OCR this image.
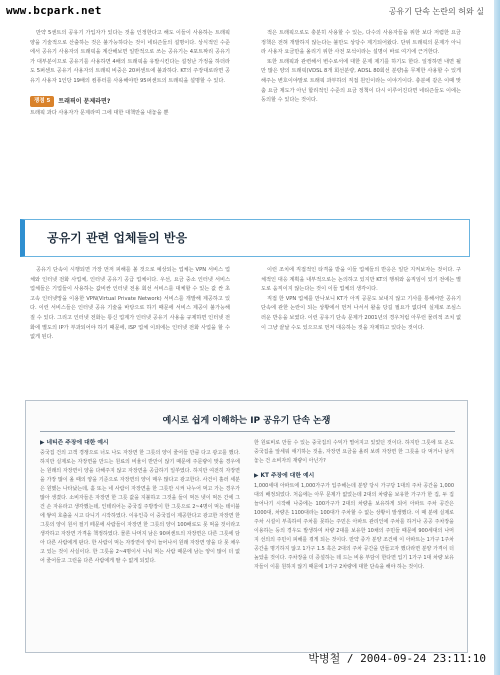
www.bcpark.net	공유기 단속 논란의 허와 실

만약 5센트의 공유기 가입자가 있다는 것을 인정한다고 해도 이들이 사용하는 트래픽 양을 기술적으로 산출하는 것은 불가능하다는 것이 네티즌들의 설명이다. 상식적인 수준에서 공유기 사용자의 트래픽을 계산해보면 일반적으로 쓰는 공유기는 4포트짜리 공유기가 대부분이므로 공유기를 사용하면 4배의 트래픽을 유발시킨다는 설정난 가정을 하더라도 5퍼센트 공유기 사용자의 트래픽 비중은 20퍼센트에 불과하다. KT의 주장대로라면 공유기 사용자 1인당 19배의 컴퓨터를 사용해야만 95퍼센트의 트래픽을 설명할 수 있다.

쟁점 5	트래픽이 문제라면?
트래픽 과다 사용자가 문제라며 그에 대한 대책만을 내놓을 뿐

적은 트래픽으로도 충분히 사용할 수 있는, 다수의 사용자들을 위한 보다 저렴한 요금 정책은 전혀 개발하지 않는다는 불만도 상당수 제기되어왔다. 단위 트래픽의 문제가 아니라 사용자 요금만을 올리기 위한 사전 포석이라는 설명이 바로 여기에 근거한다.

또한 트래픽과 관련해서 변수로서에 대한 문제 제기를 하기도 한다. 일정하면 내면 될만 많은 양의 트래픽(VDSL 8개 회선분량, ADSL 80회선 분량)을 무제한 사용할 수 있게 해주는 변호이야말로 트래픽 과부하의 직접 원인이라는 이야기이다. 충분에 같은 이때 맞춤 요금 제도가 아닌 합리적인 수준의 요금 정책이 다시 이루어진다면 네티즌들도 이에는 동의할 수 있다는 것이다.

공유기 관련 업체들의 반응

공유기 단속이 시행되면 가장 먼저 피해를 볼 것으로 예상되는 업체는 VPN 서비스 업체와 인터넷 전화 사업체, 인터넷 공유기 공급 업체이다. 우선, 요금 중소 인터넷 서비스 업체들은 기업들이 사용하는 값비싼 인터넷 전용 회선 서비스를 대체할 수 있는 값 싼 초고속 인터넷망을 이용한 VPN(Virtual Private Network) 서비스를 개발해 제공하고 있다. 이런 서비스들은 인터넷 공유 기술을 바탕으로 하기 때문에 서비스 제공이 불가능해질 수 있다. 그리고 인터넷 전화는 통신 업계가 인터넷 공유기 사용을 규제하면 인터넷 전화에 별도의 IP가 부과되어야 하기 때문에, ISP 업체 이외에는 인터넷 전화 사업을 할 수 없게 된다.

이런 조치에 직접적인 타격을 받을 이들 업체들의 반응은 일단 지켜보자는 것이다. 구체적인 대응 계획을 내부적으로는 논의하고 있지만 KT의 행위와 움직임이 있기 전에는 별도로 움직이지 않는다는 것이 이들 업체의 생각이다.

직접 한 VPN 업체를 만나보니 KT가 아직 공문도 보내지 않고 기사를 통해서만 공유기 단속에 관한 논란이 되는 상황에서 먼저 나서서 왈을 당길 필요가 없다며 실제로 조심스러운 반응을 보였다. 이런 공유기 단속 문제가 2001년의 경우처럼 아무런 물리적 조치 없이 그냥 끝날 수도 있으므로 먼저 대응하는 것을 자제하고 있다는 것이다.

예시로 쉽게 이해하는 IP 공유기 단속 논쟁
▶ 네티즌 주장에 대한 예시

중국집 건의 고객 경쟁으로 너도 나도 자장면 한 그릇의 양이 줄어들 만큼 다고 광고를 했다. 하지만 실제로는 자장면을 만드는 원료의 비율이 반만이 않기 때문에 주문량이 맞을 경우에는 원래의 자장면이 양을 다해주지 않고 자장면을 공급하기 일쑤였다. 하지만 여전히 자장면을 가장 많이 올 때의 양을 기준으로 자장면의 양이 매우 많다고 광고한다. 사건이 흘러 세분은 원했는 나타났는데, 홀 또는 네 사람이 자장면을 한 그릇만 시켜 나누어 먹고 가는 경우가 많아 생겼다. 소비자들은 자장면 한 그릇 값을 지불하고 그것을 들이 먹든 넷이 먹든 간에 그건 손 자유라고 생각했는데, 인테리어는 중국집 주방장이 한 그릇으로 2~4명이 먹는 테이블에 쌓여 호출을 시고 다니기 시작하였다. 이유인즉 이 중국집이 제공한다고 광고한 자장면 한 그릇의 양이 원서 절기 떼문에 사람들이 자장면 한 그릇의 양이 100배로도 못 먹을 것이라고 생각하고 자장면 가격을 책정하였다. 물론 나머지 남은 90퍼센트의 자장면은 다른 그릇에 담아 다른 사람에게 판다. 한 사람이 먹는 자장면이 양이 늘어나서 원래 자장면 양을 다 못 채우고 있는 것이 사실이다. 한 그릇을 2~4명이서 나눠 먹는 사람 때문에 남는 양이 많이 더 없어 줄어들고 그런을 다른 사람에게 팔 수 없게 되었다.

한 원료비로 만들 수 있는 중국집의 수익가 떨어지고 있었던 것이다. 하지만 그릇에 또 온도 중국집을 앞세워 얘기하는 것을, 자장면 요금을 올려 보려 자장면 한 그릇을 다 먹거나 남겨놓는 건 소비자의 재량이 아닌가?

▶ KT 주장에 대한 예시

1,000세대 아파트에 1,000가구가 입주해는데 분양 당시 가구당 1대의 주차 공간을 1,000대의 배정되었다. 처음에는 아무 문제가 없었는데 2대의 차량을 보유한 가구가 한 집, 두 집 늘어나기 시작해 나중에는 100가구가 2대의 차량을 보유하게 되어 아파트 주차 공간은 1000대, 차량은 1100대라는 100대가 주차할 수 없는 상황이 발생했다. 이 때 분에 실제로 주차 시설이 부족하여 주차를 못하는 주민은 아파트 관리인에 주차를 하거나 공공 주차장을 이용하는 등의 경우도 발생하여 차량 2대를 보유한 10채의 주민들 때문에 900세대의 나머지 선의의 주민이 피해를 겪게 되는 것이다. 만약 증가 분양 조건에 이 아파트는 1가구 1주차 공간을 명기하지 않고 1가구 1.5 혹은 2대의 주차 공간을 만들고자 했다라면 분양 가격이 더 높았을 것이다. 주차장을 더 증설하는 데 드는 비용 부담이 한다면 입기 1가구 1대 차량 보유자들이 이를 원하지 않기 때문에 1가구 2차량에 대한 단속을 해야 하는 것이다.

박병철 / 2004-09-24 23:11:10
